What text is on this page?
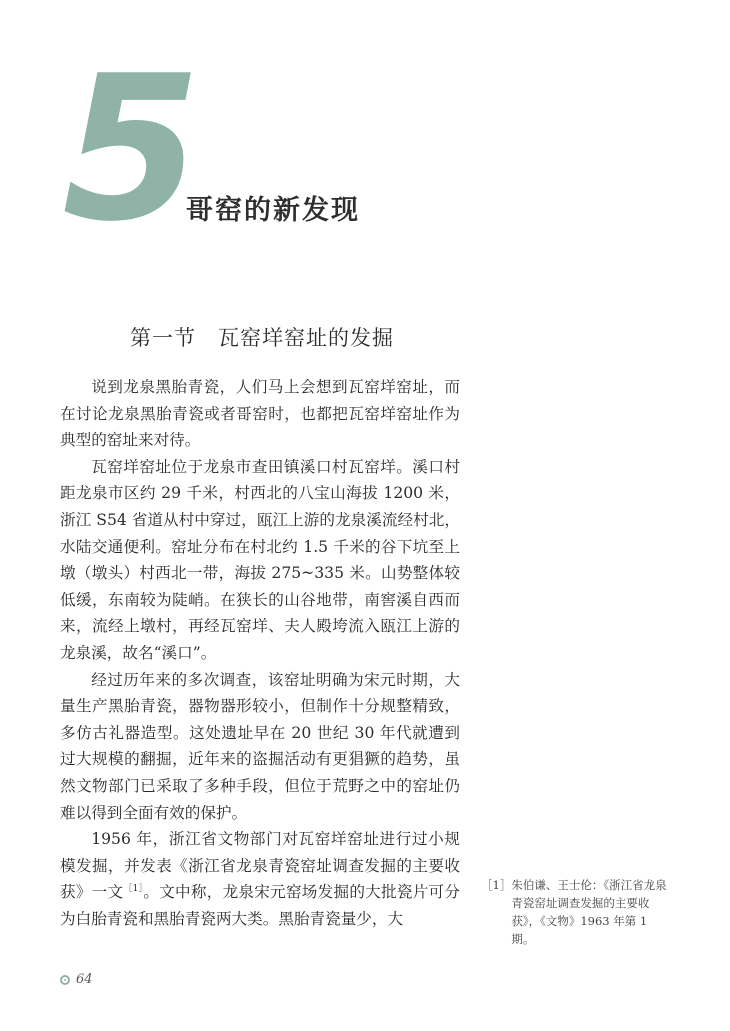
5
哥窑的新发现
第一节　瓦窑垟窑址的发掘

说到龙泉黑胎青瓷，人们马上会想到瓦窑垟窑址，而在讨论龙泉黑胎青瓷或者哥窑时，也都把瓦窑垟窑址作为典型的窑址来对待。

瓦窑垟窑址位于龙泉市查田镇溪口村瓦窑垟。溪口村距龙泉市区约 29 千米，村西北的八宝山海拔 1200 米，浙江 S54 省道从村中穿过，瓯江上游的龙泉溪流经村北，水陆交通便利。窑址分布在村北约 1.5 千米的谷下坑至上墩（墩头）村西北一带，海拔 275~335 米。山势整体较低缓，东南较为陡峭。在狭长的山谷地带，南窖溪自西而来，流经上墩村，再经瓦窑垟、夫人殿垮流入瓯江上游的龙泉溪，故名“溪口”。

经过历年来的多次调查，该窑址明确为宋元时期，大量生产黑胎青瓷，器物器形较小，但制作十分规整精致，多仿古礼器造型。这处遗址早在 20 世纪 30 年代就遭到过大规模的翻掘，近年来的盗掘活动有更猖獗的趋势，虽然文物部门已采取了多种手段，但位于荒野之中的窑址仍难以得到全面有效的保护。

1956 年，浙江省文物部门对瓦窑垟窑址进行过小规模发掘，并发表《浙江省龙泉青瓷窑址调查发掘的主要收获》一文$^{[1]}$。文中称，龙泉宋元窑场发掘的大批瓷片可分为白胎青瓷和黑胎青瓷两大类。黑胎青瓷量少，大

［1］ 朱伯谦、王士伦：《浙江省龙泉青瓷窑址调查发掘的主要收获》，《文物》1963 年第 1 期。
64
